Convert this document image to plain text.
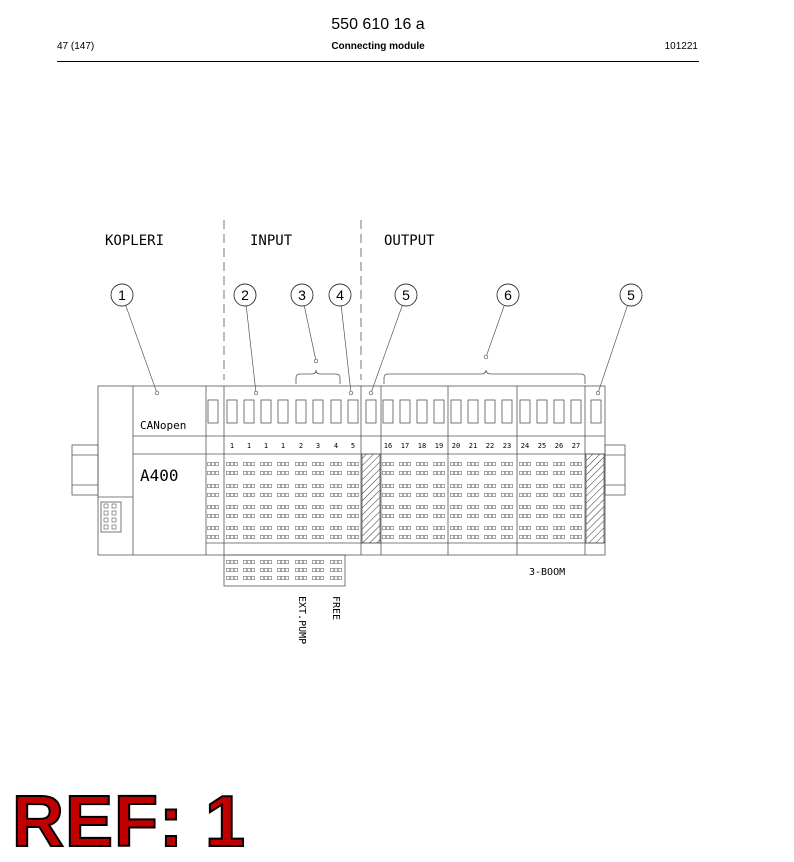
550 610 16 a
47 (147)	Connecting module	101221
1 1 1 1 2 3 4 5	16 17 18 19 20 21 22 23 24 25 26 27
1	2	3 4	5	6	5
KOPLERI	INPUT	OUTPUT
CANopen
A400
EXT.PUMP FREE
3-BOOM
REF: 1
